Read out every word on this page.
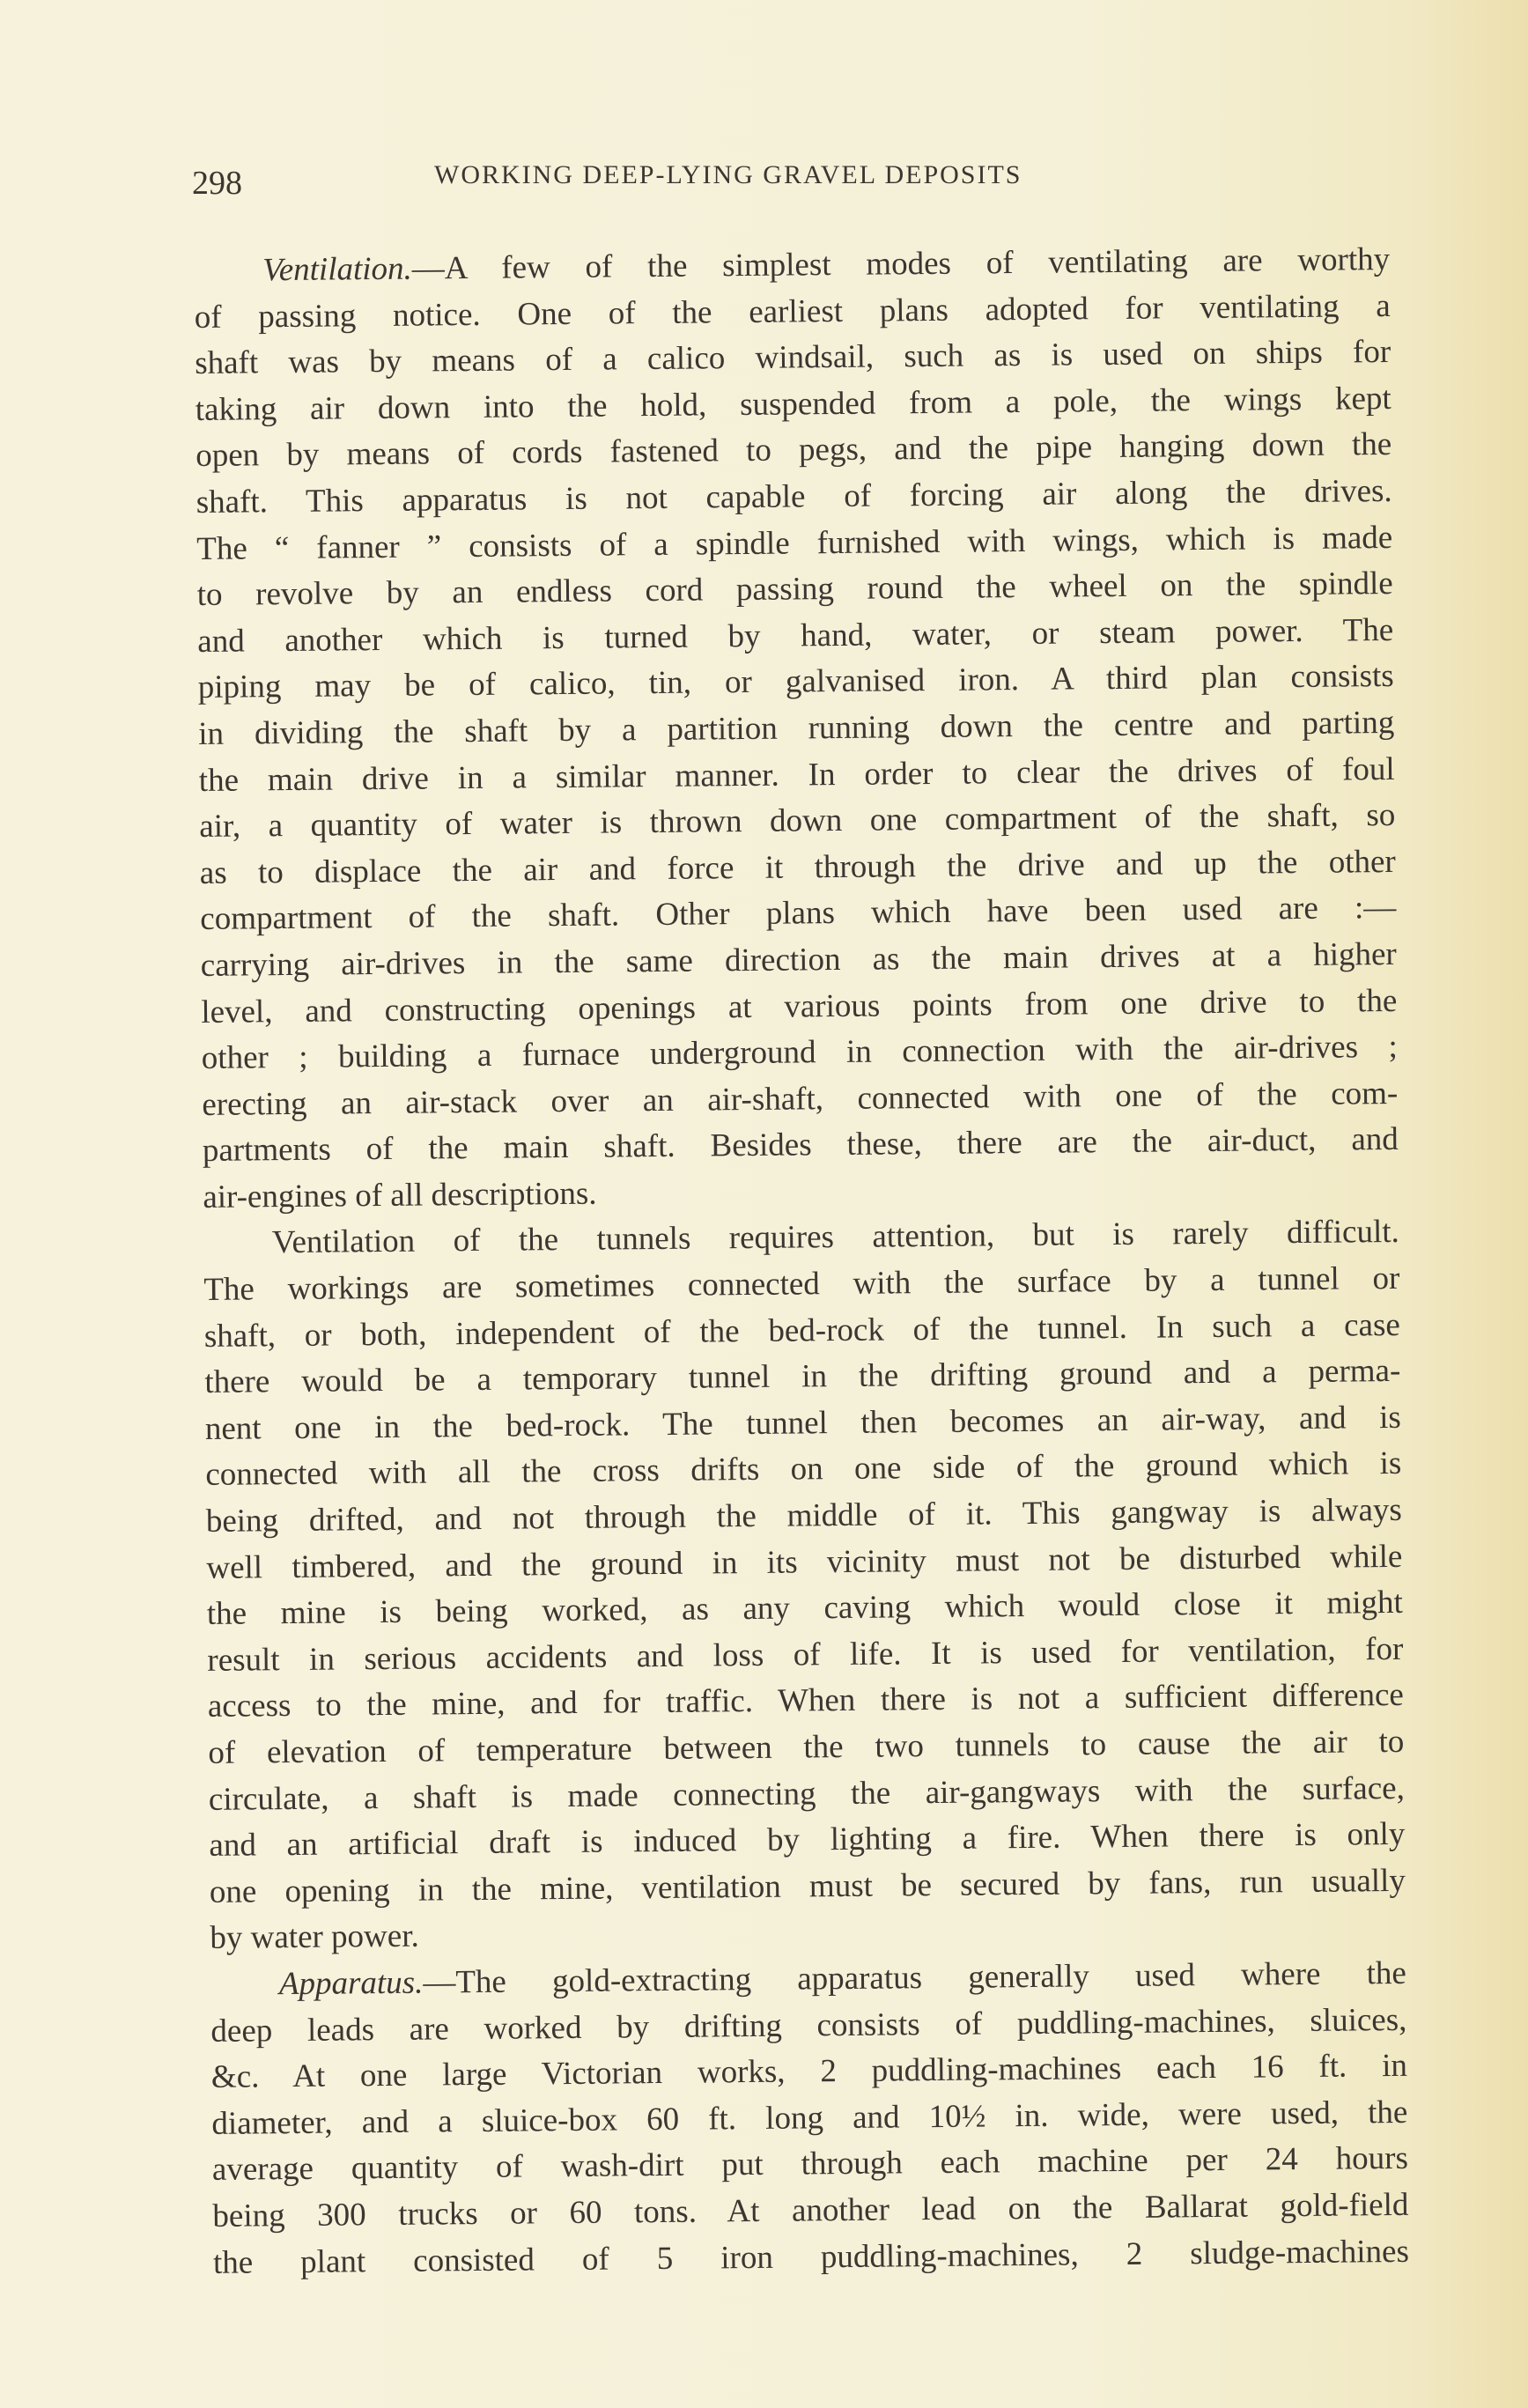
298	WORKING DEEP-LYING GRAVEL DEPOSITS
Ventilation.—A few of the simplest modes of ventilating are worthy
of passing notice. One of the earliest plans adopted for ventilating a
shaft was by means of a calico windsail, such as is used on ships for
taking air down into the hold, suspended from a pole, the wings kept
open by means of cords fastened to pegs, and the pipe hanging down the
shaft. This apparatus is not capable of forcing air along the drives.
The “ fanner ” consists of a spindle furnished with wings, which is made
to revolve by an endless cord passing round the wheel on the spindle
and another which is turned by hand, water, or steam power. The
piping may be of calico, tin, or galvanised iron. A third plan consists
in dividing the shaft by a partition running down the centre and parting
the main drive in a similar manner. In order to clear the drives of foul
air, a quantity of water is thrown down one compartment of the shaft, so
as to displace the air and force it through the drive and up the other
compartment of the shaft. Other plans which have been used are :—
carrying air-drives in the same direction as the main drives at a higher
level, and constructing openings at various points from one drive to the
other ; building a furnace underground in connection with the air-drives ;
erecting an air-stack over an air-shaft, connected with one of the com-
partments of the main shaft. Besides these, there are the air-duct, and
air-engines of all descriptions.
Ventilation of the tunnels requires attention, but is rarely difficult.
The workings are sometimes connected with the surface by a tunnel or
shaft, or both, independent of the bed-rock of the tunnel. In such a case
there would be a temporary tunnel in the drifting ground and a perma-
nent one in the bed-rock. The tunnel then becomes an air-way, and is
connected with all the cross drifts on one side of the ground which is
being drifted, and not through the middle of it. This gangway is always
well timbered, and the ground in its vicinity must not be disturbed while
the mine is being worked, as any caving which would close it might
result in serious accidents and loss of life. It is used for ventilation, for
access to the mine, and for traffic. When there is not a sufficient difference
of elevation of temperature between the two tunnels to cause the air to
circulate, a shaft is made connecting the air-gangways with the surface,
and an artificial draft is induced by lighting a fire. When there is only
one opening in the mine, ventilation must be secured by fans, run usually
by water power.
Apparatus.—The gold-extracting apparatus generally used where the
deep leads are worked by drifting consists of puddling-machines, sluices,
&c. At one large Victorian works, 2 puddling-machines each 16 ft. in
diameter, and a sluice-box 60 ft. long and 10½ in. wide, were used, the
average quantity of wash-dirt put through each machine per 24 hours
being 300 trucks or 60 tons. At another lead on the Ballarat gold-field
the plant consisted of 5 iron puddling-machines, 2 sludge-machines
